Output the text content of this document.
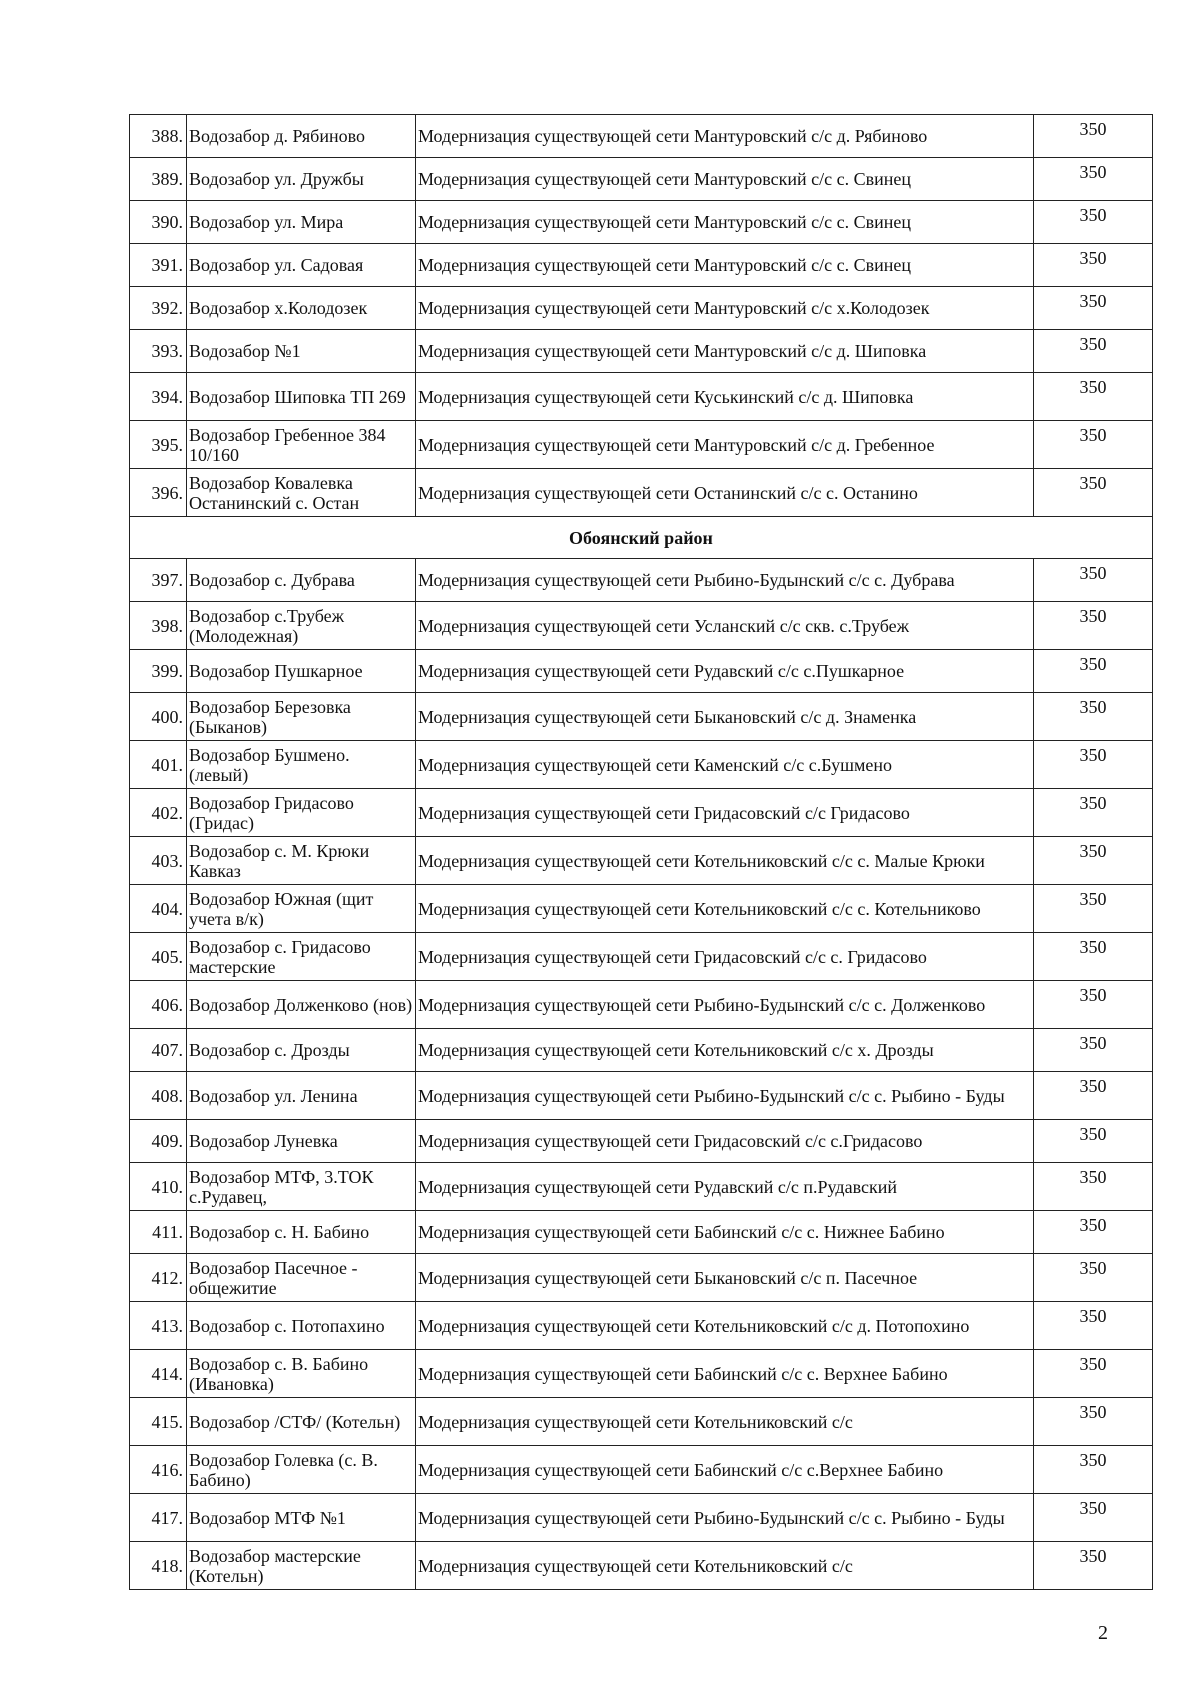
388.	Водозабор д. Рябиново	Модернизация существующей сети Мантуровский с/с д. Рябиново	350
389.	Водозабор ул. Дружбы	Модернизация существующей сети Мантуровский с/с с. Свинец	350
390.	Водозабор ул. Мира	Модернизация существующей сети Мантуровский с/с с. Свинец	350
391.	Водозабор ул. Садовая	Модернизация существующей сети Мантуровский с/с с. Свинец	350
392.	Водозабор х.Колодозек	Модернизация существующей сети Мантуровский с/с х.Колодозек	350
393.	Водозабор №1	Модернизация существующей сети Мантуровский с/с д. Шиповка	350
394.	Водозабор Шиповка ТП 269	Модернизация существующей сети Куськинский с/с д. Шиповка	350
395.	Водозабор Гребенное 384 10/160	Модернизация существующей сети Мантуровский с/с д. Гребенное	350
396.	Водозабор Ковалевка Останинский с. Остан	Модернизация существующей сети Останинский с/с с. Останино	350
Обоянский район			
397.	Водозабор с. Дубрава	Модернизация существующей сети Рыбино-Будынский с/с с. Дубрава	350
398.	Водозабор с.Трубеж (Молодежная)	Модернизация существующей сети Усланский с/с скв. с.Трубеж	350
399.	Водозабор Пушкарное	Модернизация существующей сети Рудавский с/с с.Пушкарное	350
400.	Водозабор Березовка (Быканов)	Модернизация существующей сети Быкановский с/с д. Знаменка	350
401.	Водозабор Бушмено. (левый)	Модернизация существующей сети Каменский с/с с.Бушмено	350
402.	Водозабор Гридасово (Гридас)	Модернизация существующей сети Гридасовский с/с Гридасово	350
403.	Водозабор с. М. Крюки Кавказ	Модернизация существующей сети Котельниковский с/с с. Малые Крюки	350
404.	Водозабор Южная (щит учета в/к)	Модернизация существующей сети Котельниковский с/с с. Котельниково	350
405.	Водозабор с. Гридасово мастерские	Модернизация существующей сети Гридасовский с/с с. Гридасово	350
406.	Водозабор Долженково (нов)	Модернизация существующей сети Рыбино-Будынский с/с с. Долженково	350
407.	Водозабор с. Дрозды	Модернизация существующей сети Котельниковский с/с х. Дрозды	350
408.	Водозабор ул. Ленина	Модернизация существующей сети Рыбино-Будынский с/с с. Рыбино - Буды	350
409.	Водозабор Луневка	Модернизация существующей сети Гридасовский с/с с.Гридасово	350
410.	Водозабор МТФ, 3.ТОК с.Рудавец,	Модернизация существующей сети Рудавский с/с п.Рудавский	350
411.	Водозабор с. Н. Бабино	Модернизация существующей сети Бабинский с/с с. Нижнее Бабино	350
412.	Водозабор Пасечное - общежитие	Модернизация существующей сети Быкановский с/с п. Пасечное	350
413.	Водозабор с. Потопахино	Модернизация существующей сети Котельниковский с/с д. Потопохино	350
414.	Водозабор с. В. Бабино (Ивановка)	Модернизация существующей сети Бабинский с/с с. Верхнее Бабино	350
415.	Водозабор /СТФ/ (Котельн)	Модернизация существующей сети Котельниковский с/с	350
416.	Водозабор Голевка (с. В. Бабино)	Модернизация существующей сети Бабинский с/с с.Верхнее Бабино	350
417.	Водозабор МТФ №1	Модернизация существующей сети Рыбино-Будынский с/с с. Рыбино - Буды	350
418.	Водозабор мастерские (Котельн)	Модернизация существующей сети Котельниковский с/с	350
2
